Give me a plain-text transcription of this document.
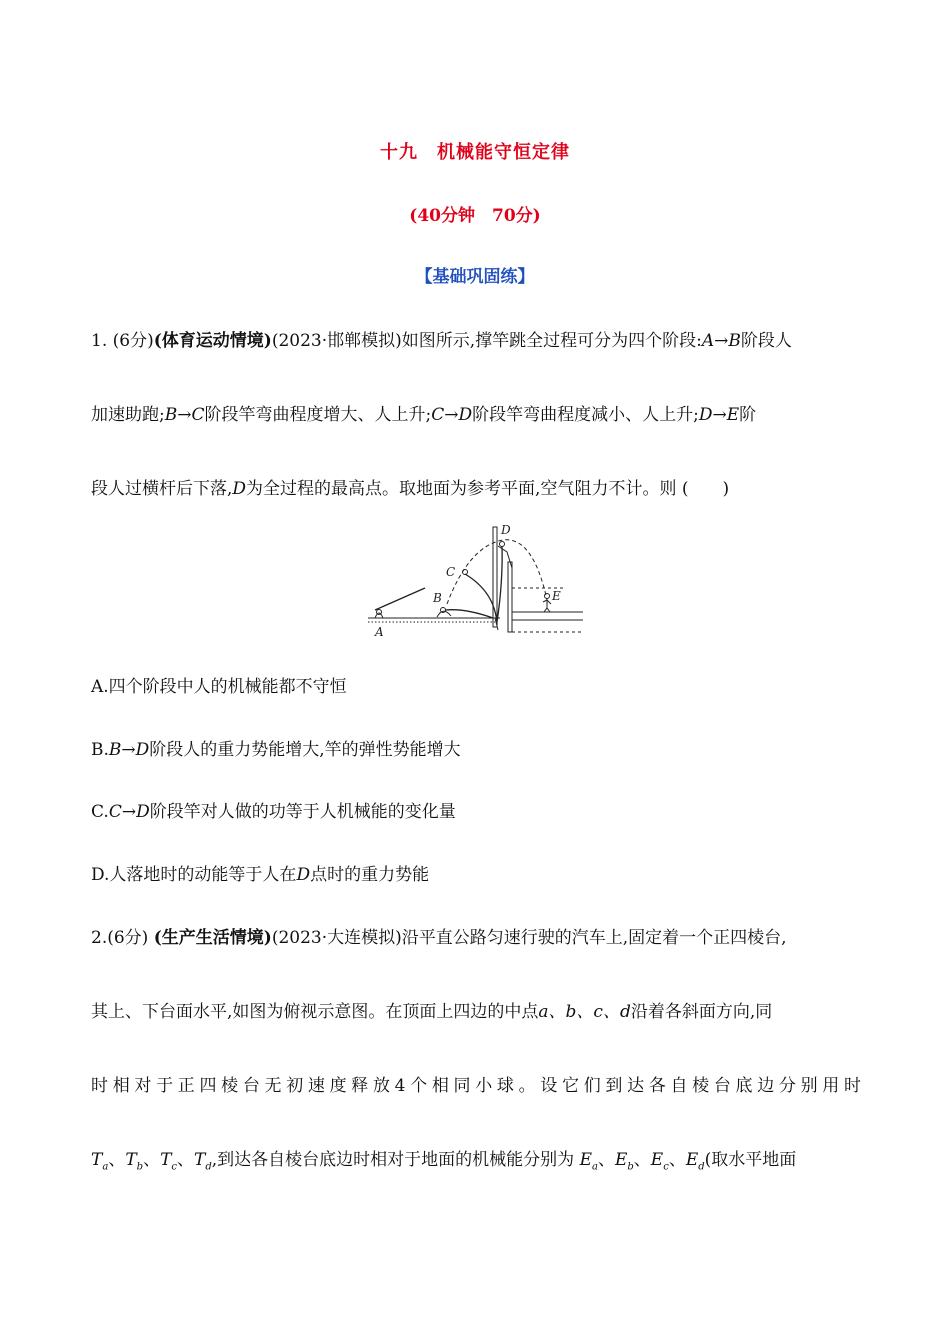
十九　机械能守恒定律
(40分钟　70分)
【基础巩固练】
1. (6分)(体育运动情境)(2023·邯郸模拟)如图所示,撑竿跳全过程可分为四个阶段:A→B阶段人
加速助跑;B→C阶段竿弯曲程度增大、人上升;C→D阶段竿弯曲程度减小、人上升;D→E阶
段人过横杆后下落,D为全过程的最高点。取地面为参考平面,空气阻力不计。则 (　　)
A
B
C
D
E
A.四个阶段中人的机械能都不守恒
B.B→D阶段人的重力势能增大,竿的弹性势能增大
C.C→D阶段竿对人做的功等于人机械能的变化量
D.人落地时的动能等于人在D点时的重力势能
2.(6分) (生产生活情境)(2023·大连模拟)沿平直公路匀速行驶的汽车上,固定着一个正四棱台,
其上、下台面水平,如图为俯视示意图。在顶面上四边的中点a、b、c、d沿着各斜面方向,同
时相对于正四棱台无初速度释放4个相同小球。设它们到达各自棱台底边分别用时
$T_a$、$T_b$、$T_c$、$T_d$,到达各自棱台底边时相对于地面的机械能分别为 $E_a$、$E_b$、$E_c$、$E_d$(取水平地面
